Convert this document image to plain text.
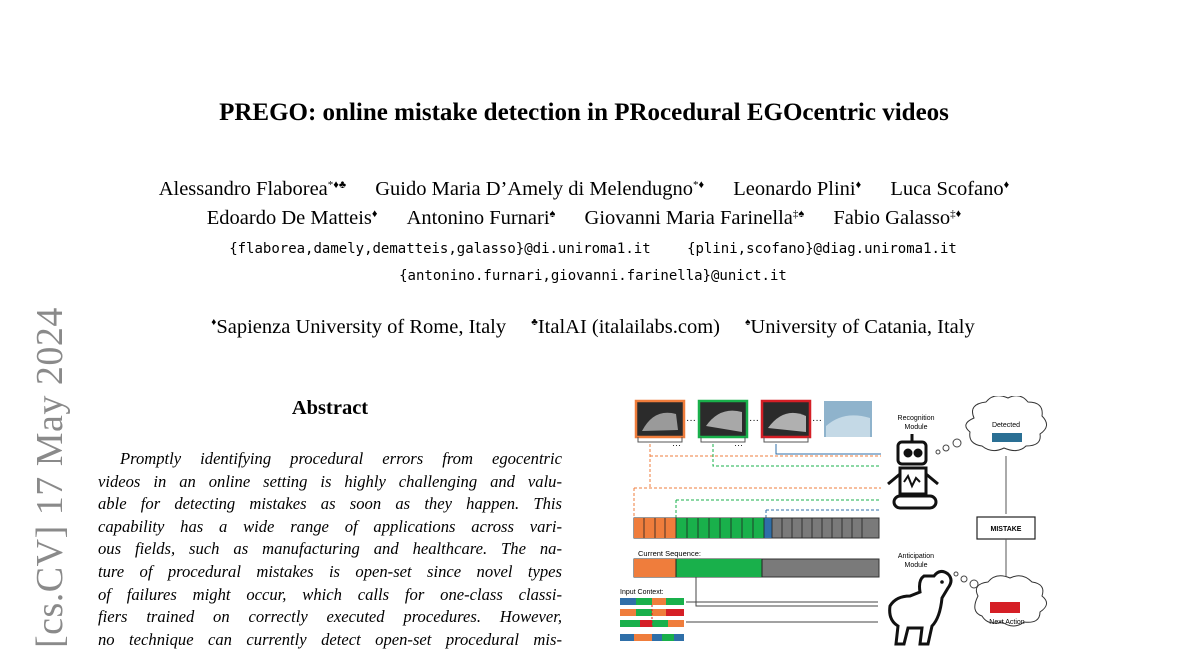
[cs.CV] 17 May 2024
PREGO: online mistake detection in PRocedural EGOcentric videos
Alessandro Flaborea*♦♣ Guido Maria D’Amely di Melendugno*♦ Leonardo Plini♦ Luca Scofano♦
Edoardo De Matteis♦ Antonino Furnari♠ Giovanni Maria Farinella‡♠ Fabio Galasso‡♦
{flaborea,damely,dematteis,galasso}@di.uniroma1.it	{plini,scofano}@diag.uniroma1.it
{antonino.furnari,giovanni.farinella}@unict.it
♦Sapienza University of Rome, Italy	♣ItalAI (italailabs.com)	♠University of Catania, Italy
Abstract
Promptly identifying procedural errors from egocentric
videos in an online setting is highly challenging and valu-
able for detecting mistakes as soon as they happen. This
capability has a wide range of applications across vari-
ous fields, such as manufacturing and healthcare. The na-
ture of procedural mistakes is open-set since novel types
of failures might occur, which calls for one-class classi-
fiers trained on correctly executed procedures. However,
no technique can currently detect open-set procedural mis-
···	···	···
···	···
Current Sequence:
Input Context:
Recognition
Module	Detected
MISTAKE
Anticipation
Module
Next Action
